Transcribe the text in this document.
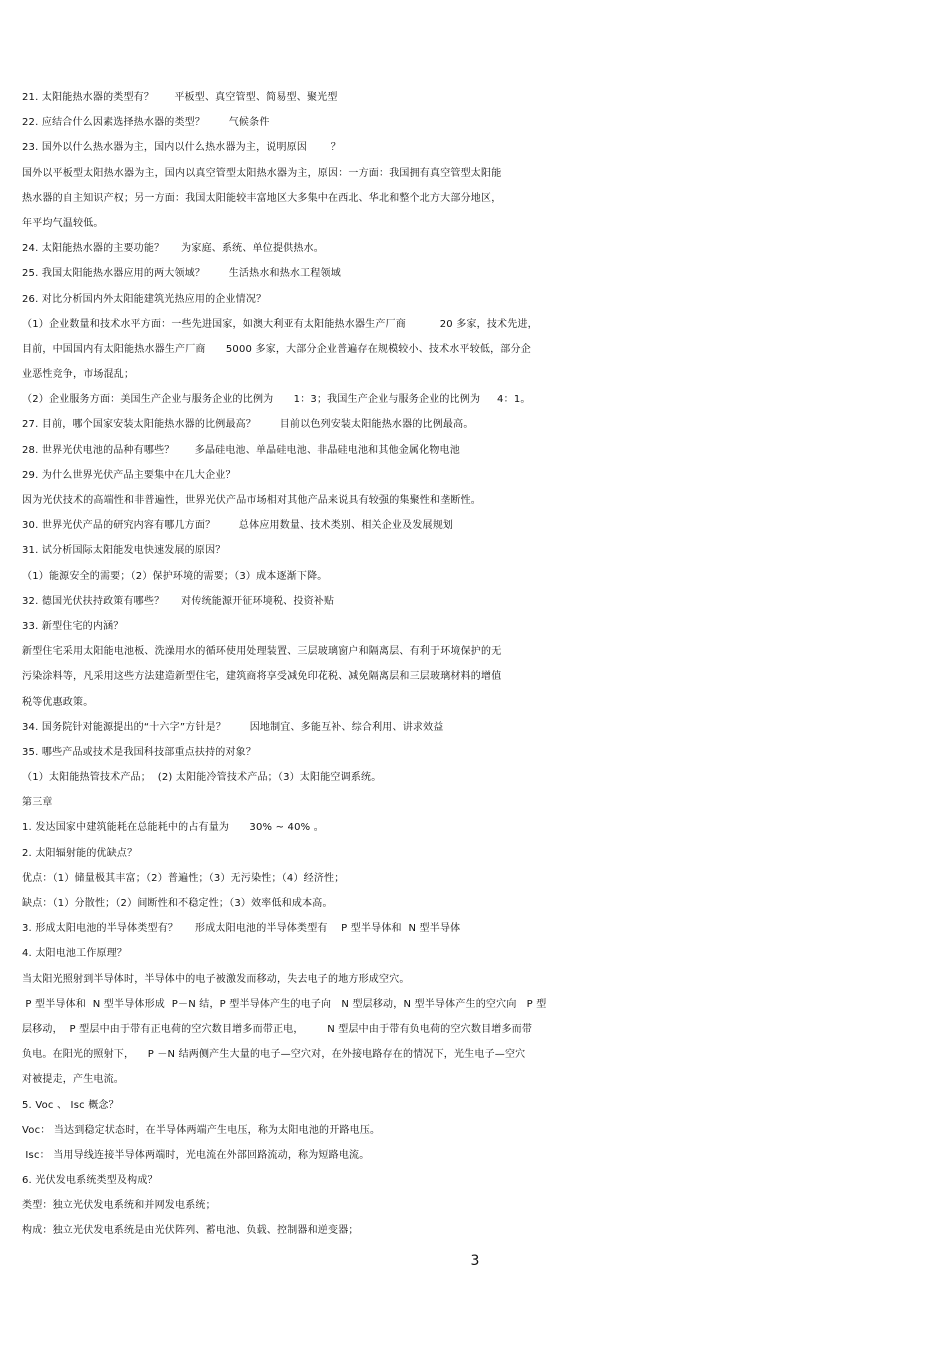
21. 太阳能热水器的类型有？      平板型、真空管型、简易型、聚光型
22. 应结合什么因素选择热水器的类型？       气候条件
23. 国外以什么热水器为主，国内以什么热水器为主，说明原因       ？
国外以平板型太阳热水器为主，国内以真空管型太阳热水器为主，原因：一方面：我国拥有真空管型太阳能
热水器的自主知识产权；另一方面：我国太阳能较丰富地区大多集中在西北、华北和整个北方大部分地区，
年平均气温较低。
24. 太阳能热水器的主要功能？     为家庭、系统、单位提供热水。
25. 我国太阳能热水器应用的两大领域？       生活热水和热水工程领域
26. 对比分析国内外太阳能建筑光热应用的企业情况？
（1）企业数量和技术水平方面：一些先进国家，如澳大利亚有太阳能热水器生产厂商          20 多家，技术先进，
目前，中国国内有太阳能热水器生产厂商      5000 多家，大部分企业普遍存在规模较小、技术水平较低，部分企
业恶性竞争，市场混乱；
（2）企业服务方面：美国生产企业与服务企业的比例为      1：3；我国生产企业与服务企业的比例为     4：1。
27. 目前，哪个国家安装太阳能热水器的比例最高？       目前以色列安装太阳能热水器的比例最高。
28. 世界光伏电池的品种有哪些？      多晶硅电池、单晶硅电池、非晶硅电池和其他金属化物电池
29. 为什么世界光伏产品主要集中在几大企业？
因为光伏技术的高端性和非普遍性，世界光伏产品市场相对其他产品来说具有较强的集聚性和垄断性。
30. 世界光伏产品的研究内容有哪几方面？       总体应用数量、技术类别、相关企业及发展规划
31. 试分析国际太阳能发电快速发展的原因？
（1）能源安全的需要；（2）保护环境的需要；（3）成本逐渐下降。
32. 德国光伏扶持政策有哪些？     对传统能源开征环境税、投资补贴
33. 新型住宅的内涵？
新型住宅采用太阳能电池板、洗澡用水的循环使用处理装置、三层玻璃窗户和隔离层、有利于环境保护的无
污染涂料等，凡采用这些方法建造新型住宅，建筑商将享受减免印花税、减免隔离层和三层玻璃材料的增值
税等优惠政策。
34. 国务院针对能源提出的“十六字”方针是？       因地制宜、多能互补、综合利用、讲求效益
35. 哪些产品或技术是我国科技部重点扶持的对象？
（1）太阳能热管技术产品；  (2) 太阳能冷管技术产品；（3）太阳能空调系统。
第三章
1. 发达国家中建筑能耗在总能耗中的占有量为      30% ~ 40% 。
2. 太阳辐射能的优缺点？
优点：（1）储量极其丰富；（2）普遍性；（3）无污染性；（4）经济性；
缺点：（1）分散性；（2）间断性和不稳定性；（3）效率低和成本高。
3. 形成太阳电池的半导体类型有？     形成太阳电池的半导体类型有    P 型半导体和  N 型半导体
4. 太阳电池工作原理？
当太阳光照射到半导体时，半导体中的电子被激发而移动，失去电子的地方形成空穴。
P 型半导体和  N 型半导体形成  P－N 结，P 型半导体产生的电子向   N 型层移动，N 型半导体产生的空穴向   P 型
层移动，  P 型层中由于带有正电荷的空穴数目增多而带正电，       N 型层中由于带有负电荷的空穴数目增多而带
负电。在阳光的照射下，    P －N 结两侧产生大量的电子—空穴对，在外接电路存在的情况下，光生电子—空穴
对被提走，产生电流。
5. Voc 、 Isc 概念？
Voc： 当达到稳定状态时，在半导体两端产生电压，称为太阳电池的开路电压。
Isc： 当用导线连接半导体两端时，光电流在外部回路流动，称为短路电流。
6. 光伏发电系统类型及构成？
类型：独立光伏发电系统和并网发电系统；
构成：独立光伏发电系统是由光伏阵列、蓄电池、负载、控制器和逆变器；
3
